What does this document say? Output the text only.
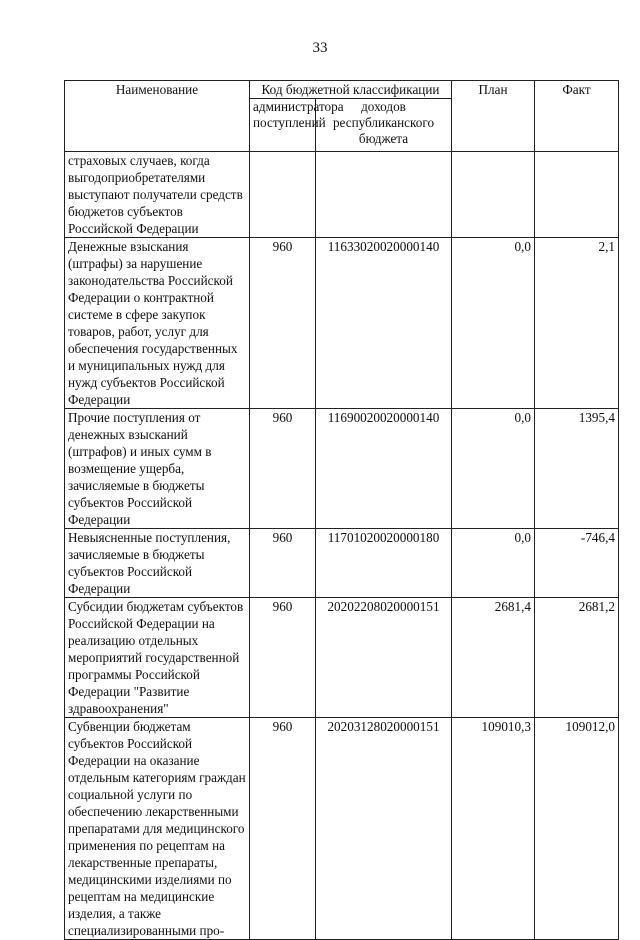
33
Наименование	Код бюджетной классификации		План	Факт
	администратора поступлений	доходов республиканского бюджета		
страховых случаев, когда выгодоприобретателями выступают получатели средств бюджетов субъектов Российской Федерации				
Денежные взыскания (штрафы) за нарушение законодательства Российской Федерации о контрактной системе в сфере закупок товаров, работ, услуг для обеспечения государственных и муниципальных нужд для нужд субъектов Российской Федерации	960	11633020020000140	0,0	2,1
Прочие поступления от денежных взысканий (штрафов) и иных сумм в возмещение ущерба, зачисляемые в бюджеты субъектов Российской Федерации	960	11690020020000140	0,0	1395,4
Невыясненные поступления, зачисляемые в бюджеты субъектов Российской Федерации	960	11701020020000180	0,0	-746,4
Субсидии бюджетам субъектов Российской Федерации на реализацию отдельных мероприятий государственной программы Российской Федерации "Развитие здравоохранения"	960	20202208020000151	2681,4	2681,2
Субвенции бюджетам субъектов Российской Федерации на оказание отдельным категориям граждан социальной услуги по обеспечению лекарственными препаратами для медицинского применения по рецептам на лекарственные препараты, медицинскими изделиями по рецептам на медицинские изделия, а также специализированными про-	960	20203128020000151	109010,3	109012,0
